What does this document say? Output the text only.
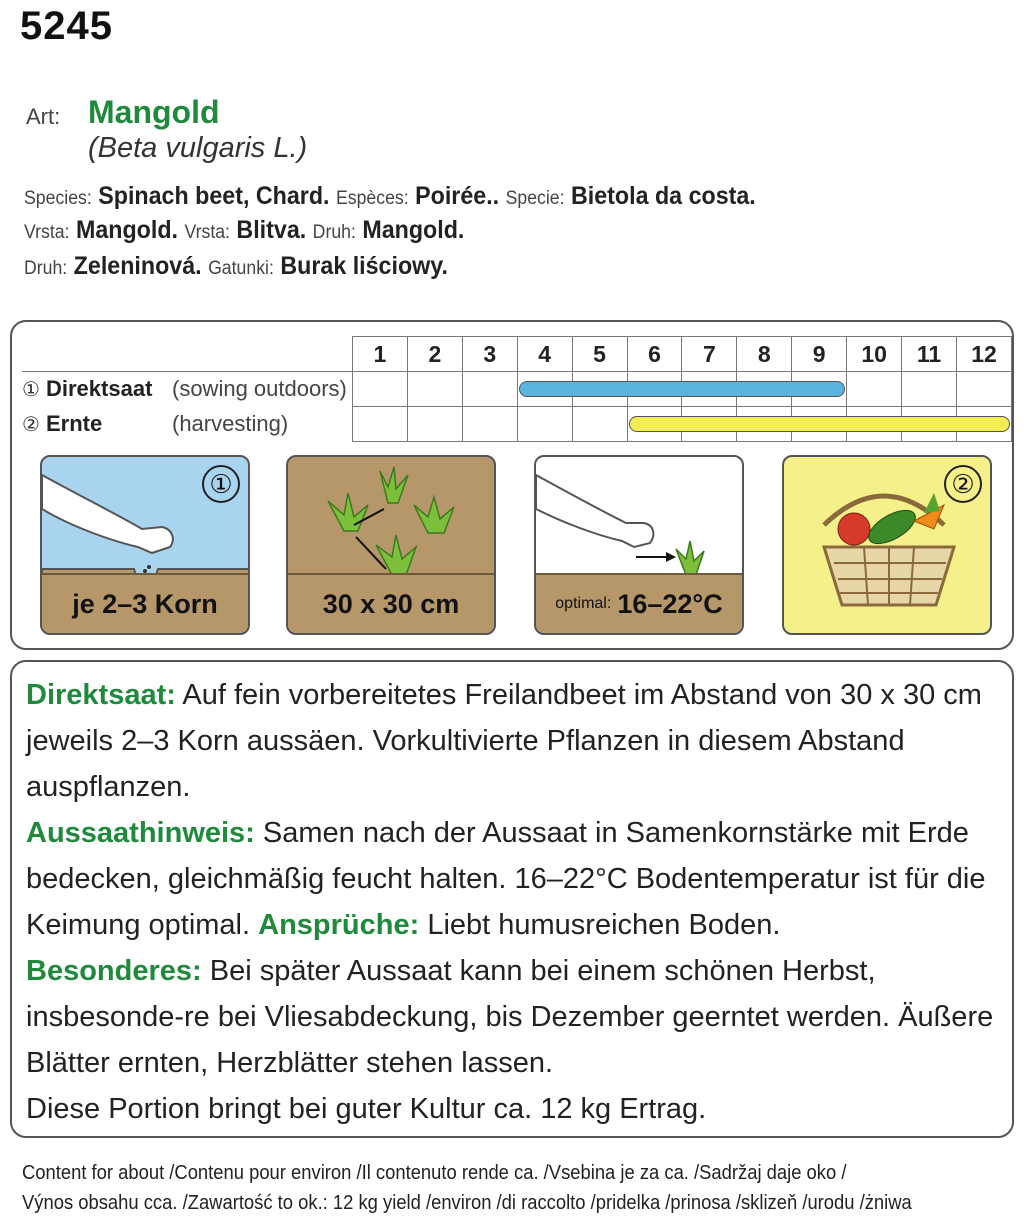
5245
Art: Mangold
(Beta vulgaris L.)
Species: Spinach beet, Chard. Espèces: Poirée.. Specie: Bietola da costa.
Vrsta: Mangold. Vrsta: Blitva. Druh: Mangold.
Druh: Zeleninová. Gatunki: Burak liściowy.
	1	2	3	4	5	6	7	8	9	10	11	12
① Direktsaat (sowing outdoors)												
② Ernte (harvesting)												
①
je 2–3 Korn	30 x 30 cm	optimal: 16–22°C
②

Direktsaat: Auf fein vorbereitetes Freilandbeet im Abstand von 30 x 30 cm jeweils 2–3 Korn aussäen. Vorkultivierte Pflanzen in diesem Abstand auspflanzen.

Aussaathinweis: Samen nach der Aussaat in Samenkornstärke mit Erde bedecken, gleichmäßig feucht halten. 16–22°C Bodentemperatur ist für die Keimung optimal. Ansprüche: Liebt humusreichen Boden.

Besonderes: Bei später Aussaat kann bei einem schönen Herbst, insbesonde-re bei Vliesabdeckung, bis Dezember geerntet werden. Äußere Blätter ernten, Herzblätter stehen lassen.

Diese Portion bringt bei guter Kultur ca. 12 kg Ertrag.

Content for about /Contenu pour environ /Il contenuto rende ca. /Vsebina je za ca. /Sadržaj daje oko /
Výnos obsahu cca. /Zawartość to ok.: 12 kg yield /environ /di raccolto /pridelka /prinosa /sklizeň /urodu /żniwa
